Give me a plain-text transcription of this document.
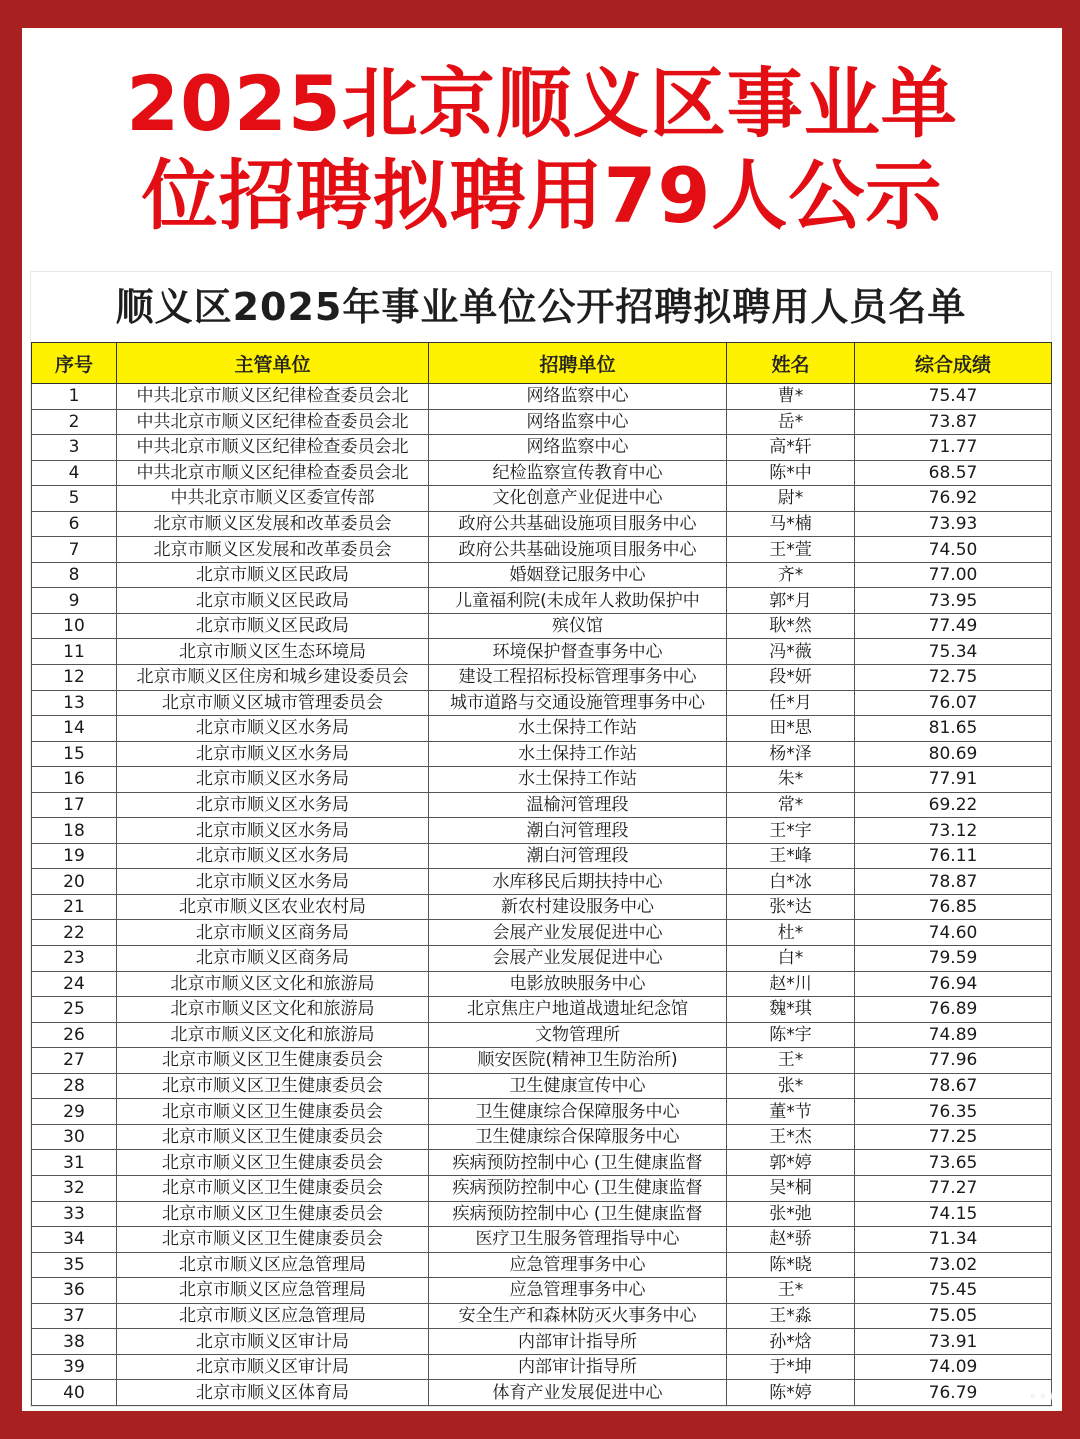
2025北京顺义区事业单
位招聘拟聘用79人公示
顺义区2025年事业单位公开招聘拟聘用人员名单
序号	主管单位	招聘单位	姓名	综合成绩
1	中共北京市顺义区纪律检查委员会北	网络监察中心	曹*	75.47
2	中共北京市顺义区纪律检查委员会北	网络监察中心	岳*	73.87
3	中共北京市顺义区纪律检查委员会北	网络监察中心	高*轩	71.77
4	中共北京市顺义区纪律检查委员会北	纪检监察宣传教育中心	陈*中	68.57
5	中共北京市顺义区委宣传部	文化创意产业促进中心	尉*	76.92
6	北京市顺义区发展和改革委员会	政府公共基础设施项目服务中心	马*楠	73.93
7	北京市顺义区发展和改革委员会	政府公共基础设施项目服务中心	王*萱	74.50
8	北京市顺义区民政局	婚姻登记服务中心	齐*	77.00
9	北京市顺义区民政局	儿童福利院(未成年人救助保护中	郭*月	73.95
10	北京市顺义区民政局	殡仪馆	耿*然	77.49
11	北京市顺义区生态环境局	环境保护督查事务中心	冯*薇	75.34
12	北京市顺义区住房和城乡建设委员会	建设工程招标投标管理事务中心	段*妍	72.75
13	北京市顺义区城市管理委员会	城市道路与交通设施管理事务中心	任*月	76.07
14	北京市顺义区水务局	水土保持工作站	田*思	81.65
15	北京市顺义区水务局	水土保持工作站	杨*泽	80.69
16	北京市顺义区水务局	水土保持工作站	朱*	77.91
17	北京市顺义区水务局	温榆河管理段	常*	69.22
18	北京市顺义区水务局	潮白河管理段	王*宇	73.12
19	北京市顺义区水务局	潮白河管理段	王*峰	76.11
20	北京市顺义区水务局	水库移民后期扶持中心	白*冰	78.87
21	北京市顺义区农业农村局	新农村建设服务中心	张*达	76.85
22	北京市顺义区商务局	会展产业发展促进中心	杜*	74.60
23	北京市顺义区商务局	会展产业发展促进中心	白*	79.59
24	北京市顺义区文化和旅游局	电影放映服务中心	赵*川	76.94
25	北京市顺义区文化和旅游局	北京焦庄户地道战遗址纪念馆	魏*琪	76.89
26	北京市顺义区文化和旅游局	文物管理所	陈*宇	74.89
27	北京市顺义区卫生健康委员会	顺安医院(精神卫生防治所)	王*	77.96
28	北京市顺义区卫生健康委员会	卫生健康宣传中心	张*	78.67
29	北京市顺义区卫生健康委员会	卫生健康综合保障服务中心	董*节	76.35
30	北京市顺义区卫生健康委员会	卫生健康综合保障服务中心	王*杰	77.25
31	北京市顺义区卫生健康委员会	疾病预防控制中心 (卫生健康监督	郭*婷	73.65
32	北京市顺义区卫生健康委员会	疾病预防控制中心 (卫生健康监督	吴*桐	77.27
33	北京市顺义区卫生健康委员会	疾病预防控制中心 (卫生健康监督	张*弛	74.15
34	北京市顺义区卫生健康委员会	医疗卫生服务管理指导中心	赵*骄	71.34
35	北京市顺义区应急管理局	应急管理事务中心	陈*晓	73.02
36	北京市顺义区应急管理局	应急管理事务中心	王*	75.45
37	北京市顺义区应急管理局	安全生产和森林防灭火事务中心	王*淼	75.05
38	北京市顺义区审计局	内部审计指导所	孙*焓	73.91
39	北京市顺义区审计局	内部审计指导所	于*坤	74.09
40	北京市顺义区体育局	体育产业发展促进中心	陈*婷	76.79	◦ ◦
